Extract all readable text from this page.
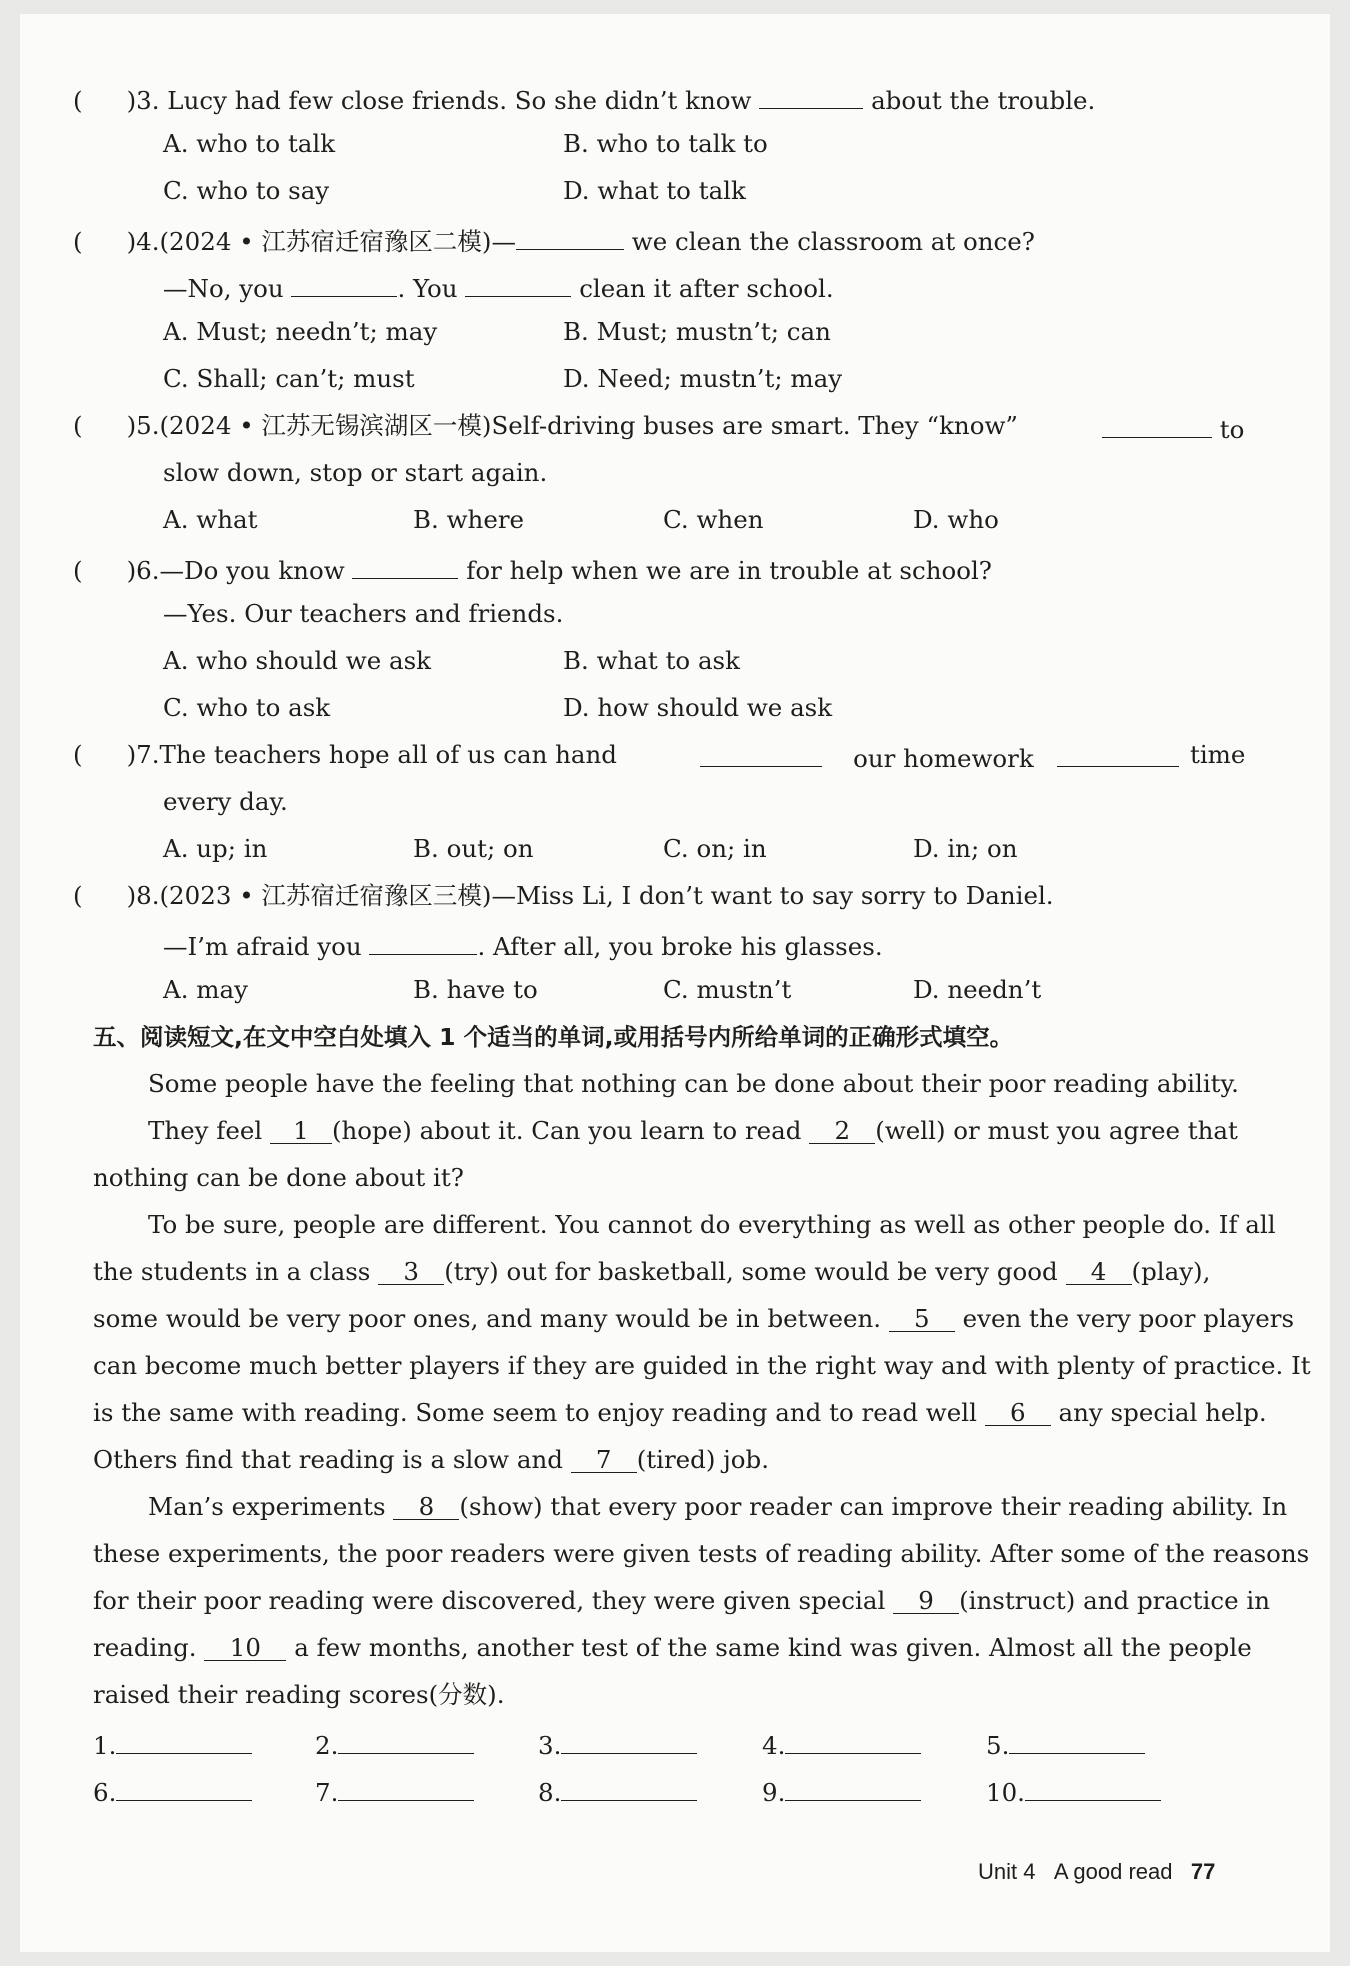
( )3. Lucy had few close friends. So she didn’t know	about the trouble.
A. who to talk	B. who to talk to
C. who to say	D. what to talk
( )4.(2024 • 江苏宿迁宿豫区二模)—	we clean the classroom at once?
—No, you	. You	clean it after school.
A. Must; needn’t; may	B. Must; mustn’t; can
C. Shall; can’t; must	D. Need; mustn’t; may
( )5.(2024 • 江苏无锡滨湖区一模)Self-driving buses are smart. They “know”	to
slow down, stop or start again.
A. what	B. where	C. when	D. who
( )6.—Do you know	for help when we are in trouble at school?
—Yes. Our teachers and friends.
A. who should we ask	B. what to ask
C. who to ask	D. how should we ask
( )7.The teachers hope all of us can hand	our homework	time
every day.
A. up; in	B. out; on	C. on; in	D. in; on
( )8.(2023 • 江苏宿迁宿豫区三模)—Miss Li, I don’t want to say sorry to Daniel.
—I’m afraid you	. After all, you broke his glasses.
A. may	B. have to	C. mustn’t	D. needn’t
五、阅读短文,在文中空白处填入 1 个适当的单词,或用括号内所给单词的正确形式填空。
Some people have the feeling that nothing can be done about their poor reading ability.
They feel 1 (hope) about it. Can you learn to read 2 (well) or must you agree that
nothing can be done about it?
To be sure, people are different. You cannot do everything as well as other people do. If all
the students in a class 3 (try) out for basketball, some would be very good 4 (play),
some would be very poor ones, and many would be in between. 5 even the very poor players
can become much better players if they are guided in the right way and with plenty of practice. It
is the same with reading. Some seem to enjoy reading and to read well 6 any special help.
Others find that reading is a slow and 7 (tired) job.
Man’s experiments 8 (show) that every poor reader can improve their reading ability. In
these experiments, the poor readers were given tests of reading ability. After some of the reasons
for their poor reading were discovered, they were given special 9 (instruct) and practice in
reading. 10 a few months, another test of the same kind was given. Almost all the people
raised their reading scores(分数).
1.	2.	3.	4.	5.
6.	7.	8.	9.	10.
Unit 4 A good read 77
